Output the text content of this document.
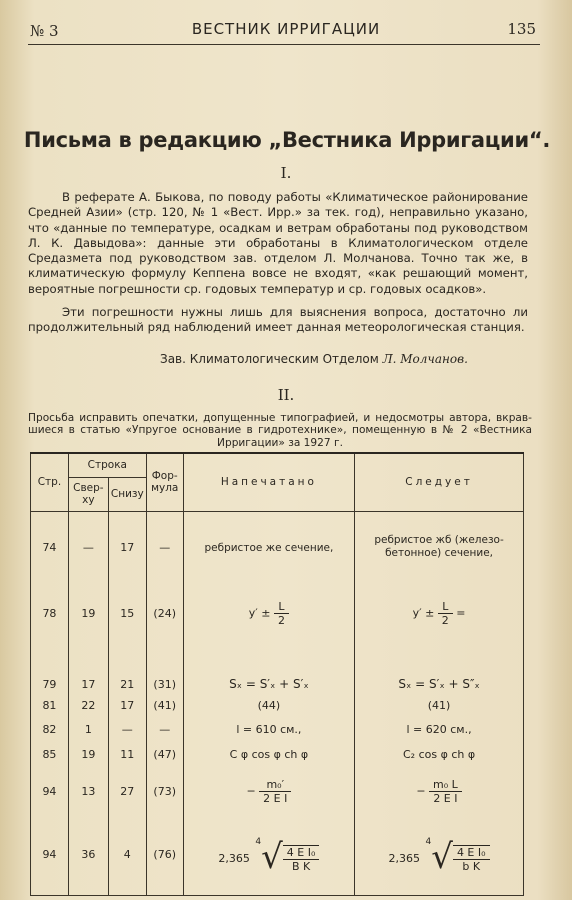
№ 3	ВЕСТНИК ИРРИГАЦИИ	135
Письма в редакцию „Вестника Ирригации“.
I.

В реферате А. Быкова, по поводу работы «Климатическое районирование Средней Азии» (стр. 120, № 1 «Вест. Ирр.» за тек. год), неправильно указано, что «данные по температуре, осадкам и ветрам обработаны под руководством Л. К. Давыдова»: данные эти обработаны в Климатологическом отделе Средазмета под руководством зав. отделом Л. Молчанова. Точно так же, в климатическую формулу Кеппена вовсе не входят, «как решающий момент, вероятные погрешности ср. годовых температур и ср. годовых осадков».

Эти погрешности нужны лишь для выяснения вопроса, достаточно ли продолжительный ряд наблюдений имеет данная метеорологическая станция.

Зав. Климатологическим Отделом Л. Молчанов.
II.

Просьба исправить опечатки, допущенные типографией, и недосмотры автора, вкрав-
шиеся в статью «Упругое основание в гидротехнике», помещенную в № 2 «Вестника
Ирригации» за 1927 г.

Стр.	Строка		Фор-мула	Напечатано	Следует
	Свер-ху	Снизу			
74	—	17	—	ребристое же сечение,	ребристое жб (железо-бетонное) сечение,
78	19	15	(24)	$y' \pm \frac{L}{2}$	$y' \pm \frac{L}{2}$ =
79	17	21	(31)	Sₓ = S′ₓ + S′ₓ	Sₓ = S′ₓ + S″ₓ
81	22	17	(41)	(44)	(41)
82	1	—	—	l = 610 см.,	l = 620 см.,
85	19	11	(47)	C φ cos φ ch φ	C₂ cos φ ch φ
94	13	27	(73)	− $\frac{\text{m₀′}}{\text{2 E I}}$	− $\frac{\text{m₀ L}}{\text{2 E I}}$

94	36	4	(76)	2,365 $^4√ \frac{\text{4 E I₀}}{\text{B K}}$	2,365 $^4√ \frac{\text{4 E I₀}}{\text{b K}}$
